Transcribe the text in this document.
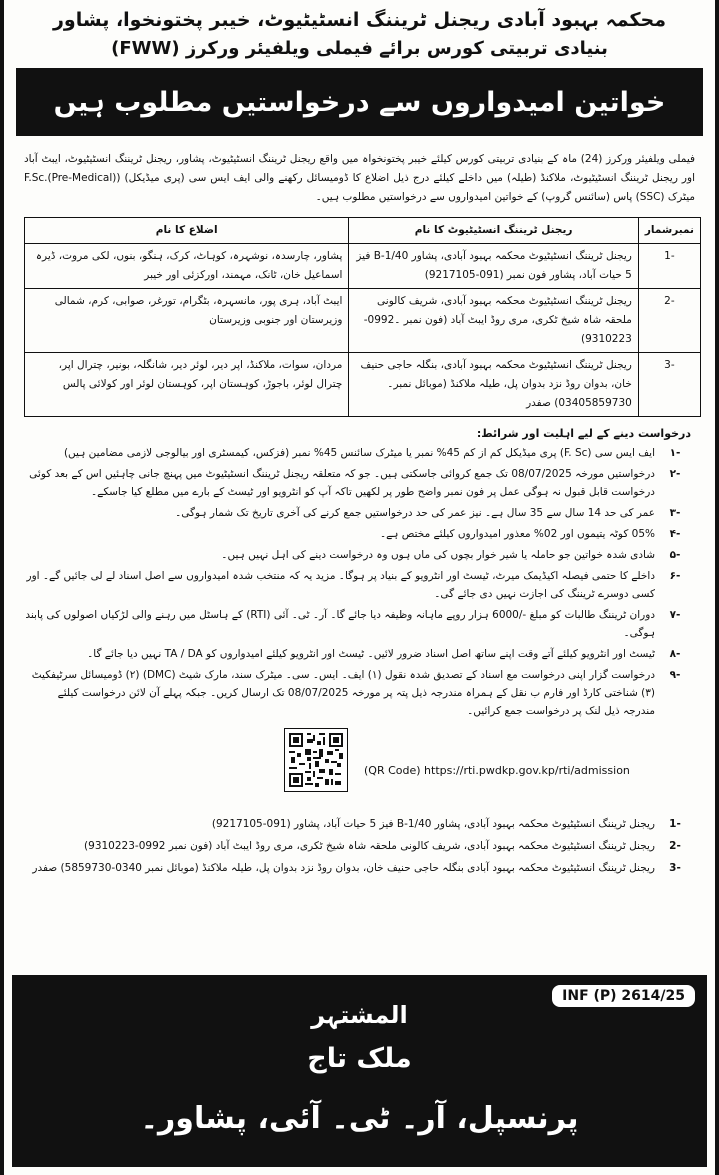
محکمہ بہبود آبادی ریجنل ٹریننگ انسٹیٹیوٹ، خیبر پختونخوا، پشاور
بنیادی تربیتی کورس برائے فیملی ویلفیئر ورکرز (FWW)
خواتین امیدواروں سے درخواستیں مطلوب ہیں

فیملی ویلفیئر ورکرز (24) ماہ کے بنیادی تربیتی کورس کیلئے خیبر پختونخواہ میں واقع ریجنل ٹریننگ انسٹیٹیوٹ، پشاور، ریجنل ٹریننگ انسٹیٹیوٹ، ایبٹ آباد اور ریجنل ٹریننگ انسٹیٹیوٹ، ملاکنڈ (طیلہ) میں داخلے کیلئے درج ذیل اضلاع کا ڈومیسائل رکھنے والی ایف ایس سی (پری میڈیکل) (F.Sc.(Pre-Medical) میٹرک (SSC) پاس (سائنس گروپ) کے خواتین امیدواروں سے درخواستیں مطلوب ہیں۔

نمبرشمار	ریجنل ٹریننگ انسٹیٹیوٹ کا نام	اضلاع کا نام
-1	ریجنل ٹریننگ انسٹیٹیوٹ محکمہ بہبود آبادی، پشاور B-1/40 فیز 5 حیات آباد، پشاور فون نمبر (091-9217105)	پشاور، چارسدہ، نوشہرہ، کوہاٹ، کرک، ہنگو، بنوں، لکی مروت، ڈیرہ اسماعیل خان، ٹانک، مہمند، اورکزئی اور خیبر
-2	ریجنل ٹریننگ انسٹیٹیوٹ محکمہ بہبود آبادی، شریف کالونی ملحقہ شاہ شیخ ٹکری، مری روڈ ایبٹ آباد (فون نمبر ۔0992-9310223)	ایبٹ آباد، ہری پور، مانسہرہ، بٹگرام، تورغر، صوابی، کرم، شمالی وزیرستان اور جنوبی وزیرستان
-3	ریجنل ٹریننگ انسٹیٹیوٹ محکمہ بہبود آبادی، بنگلہ حاجی حنیف خان، بدوان روڈ نزد بدوان پل، طیلہ ملاکنڈ (موبائل نمبر۔03405859730) صفدر	مردان، سوات، ملاکنڈ، اپر دیر، لوئر دیر، شانگلہ، بونیر، چترال اپر، چترال لوئر، باجوڑ، کوہستان اپر، کوہستان لوئر اور کولائی پالس
درخواست دینے کے لیے اہلیت اور شرائط:
-۱
ایف ایس سی (F. Sc) پری میڈیکل کم از کم 45% نمبر یا میٹرک سائنس 45% نمبر (فزکس، کیمسٹری اور بیالوجی لازمی مضامین ہیں)
-۲
درخواستیں مورخہ 08/07/2025 تک جمع کروائی جاسکتی ہیں۔ جو کہ متعلقہ ریجنل ٹریننگ انسٹیٹیوٹ میں پہنچ جانی چاہئیں اس کے بعد کوئی درخواست قابل قبول نہ ہوگی عمل پر فون نمبر واضح طور پر لکھیں تاکہ آپ کو انٹرویو اور ٹیسٹ کے بارے میں مطلع کیا جاسکے۔
-۳
عمر کی حد 14 سال سے 35 سال ہے۔ نیز عمر کی حد درخواستیں جمع کرنے کی آخری تاریخ تک شمار ہوگی۔
-۴
05% کوٹہ یتیموں اور 02% معذور امیدواروں کیلئے مختص ہے۔
-۵
شادی شدہ خواتین جو حاملہ یا شیر خوار بچوں کی ماں ہوں وہ درخواست دینے کی اہل نہیں ہیں۔
-۶
داخلے کا حتمی فیصلہ اکیڈیمک میرٹ، ٹیسٹ اور انٹرویو کے بنیاد پر ہوگا۔ مزید یہ کہ منتخب شدہ امیدواروں سے اصل اسناد لے لی جائیں گے۔ اور کسی دوسرے ٹریننگ کی اجازت نہیں دی جائے گی۔
-۷
دوران ٹریننگ طالبات کو مبلغ -/6000 ہزار روپے ماہانہ وظیفہ دیا جائے گا۔ آر۔ ٹی۔ آئی (RTI) کے ہاسٹل میں رہنے والی لڑکیاں اصولوں کی پابند ہوگی۔
-۸
ٹیسٹ اور انٹرویو کیلئے آتے وقت اپنے ساتھ اصل اسناد ضرور لائیں۔ ٹیسٹ اور انٹرویو کیلئے امیدواروں کو TA / DA نہیں دیا جائے گا۔
-۹
درخواست گزار اپنی درخواست مع اسناد کے تصدیق شدہ نقول (۱) ایف۔ ایس۔ سی۔ میٹرک سند، مارک شیٹ (DMC) (۲) ڈومیسائل سرٹیفکیٹ (۳) شناختی کارڈ اور فارم ب نقل کے ہمراہ مندرجہ ذیل پتہ پر مورخہ 08/07/2025 تک ارسال کریں۔ جبکہ پہلے آن لائن درخواست کیلئے مندرجہ ذیل لنک پر درخواست جمع کرائیں۔
(QR Code) https://rti.pwdkp.gov.kp/rti/admission
-1
ریجنل ٹریننگ انسٹیٹیوٹ محکمہ بہبود آبادی، پشاور B-1/40 فیز 5 حیات آباد، پشاور (091-9217105)
-2
ریجنل ٹریننگ انسٹیٹیوٹ محکمہ بہبود آبادی، شریف کالونی ملحقہ شاہ شیخ ٹکری، مری روڈ ایبٹ آباد (فون نمبر 0992-9310223)
-3
ریجنل ٹریننگ انسٹیٹیوٹ محکمہ بہبود آبادی بنگلہ حاجی حنیف خان، بدوان روڈ نزد بدوان پل، طیلہ ملاکنڈ (موبائل نمبر 0340-5859730) صفدر
INF (P) 2614/25
المشتہر
ملک تاج
پرنسپل، آر۔ ٹی۔ آئی، پشاور۔
